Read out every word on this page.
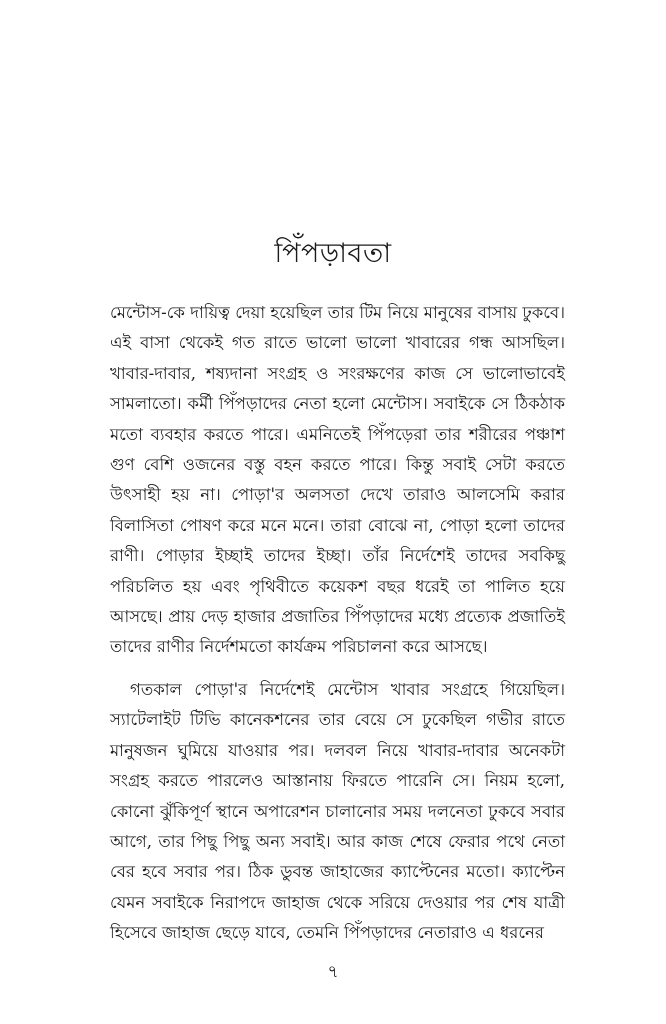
পিঁপড়াবতা

মেন্টোস-কে দায়িত্ব দেয়া হয়েছিল তার টিম নিয়ে মানুষের বাসায় ঢুকবে। এই বাসা থেকেই গত রাতে ভালো ভালো খাবারের গন্ধ আসছিল। খাবার-দাবার, শষ্যদানা সংগ্রহ ও সংরক্ষণের কাজ সে ভালোভাবেই সামলাতো। কর্মী পিঁপড়াদের নেতা হলো মেন্টোস। সবাইকে সে ঠিকঠাক মতো ব্যবহার করতে পারে। এমনিতেই পিঁপড়েরা তার শরীরের পঞ্চাশ গুণ বেশি ওজনের বস্তু বহন করতে পারে। কিন্তু সবাই সেটা করতে উৎসাহী হয় না। পোড়া'র অলসতা দেখে তারাও আলসেমি করার বিলাসিতা পোষণ করে মনে মনে। তারা বোঝে না, পোড়া হলো তাদের রাণী। পোড়ার ইচ্ছাই তাদের ইচ্ছা। তাঁর নির্দেশেই তাদের সবকিছু পরিচলিত হয় এবং পৃথিবীতে কয়েকশ বছর ধরেই তা পালিত হয়ে আসছে। প্রায় দেড় হাজার প্রজাতির পিঁপড়াদের মধ্যে প্রত্যেক প্রজাতিই তাদের রাণীর নির্দেশমতো কার্যক্রম পরিচালনা করে আসছে।

গতকাল পোড়া'র নির্দেশেই মেন্টোস খাবার সংগ্রহে গিয়েছিল। স্যাটেলাইট টিভি কানেকশনের তার বেয়ে সে ঢুকেছিল গভীর রাতে মানুষজন ঘুমিয়ে যাওয়ার পর। দলবল নিয়ে খাবার-দাবার অনেকটা সংগ্রহ করতে পারলেও আস্তানায় ফিরতে পারেনি সে। নিয়ম হলো, কোনো ঝুঁকিপূর্ণ স্থানে অপারেশন চালানোর সময় দলনেতা ঢুকবে সবার আগে, তার পিছু পিছু অন্য সবাই। আর কাজ শেষে ফেরার পথে নেতা বের হবে সবার পর। ঠিক ডুবন্ত জাহাজের ক্যাপ্টেনের মতো। ক্যাপ্টেন যেমন সবাইকে নিরাপদে জাহাজ থেকে সরিয়ে দেওয়ার পর শেষ যাত্রী হিসেবে জাহাজ ছেড়ে যাবে, তেমনি পিঁপড়াদের নেতারাও এ ধরনের

৭
